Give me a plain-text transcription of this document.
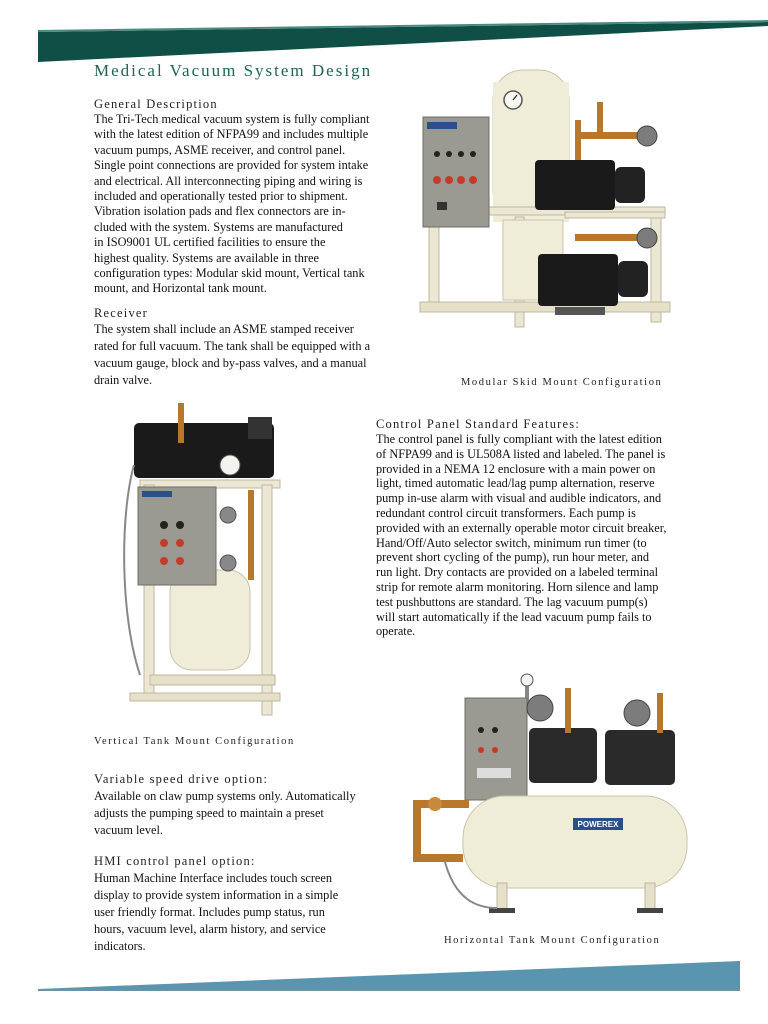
Medical Vacuum System Design
General Description
The Tri-Tech medical vacuum system is fully compliant
with the latest edition of NFPA99 and includes multiple
vacuum pumps, ASME receiver, and control panel.
Single point connections are provided for system intake
and electrical. All interconnecting piping and wiring is
included and operationally tested prior to shipment.
Vibration isolation pads and flex connectors are in-
cluded with the system. Systems are manufactured
in ISO9001 UL certified facilities to ensure the
highest quality. Systems are available in three
configuration types: Modular skid mount, Vertical tank
mount, and Horizontal tank mount.
Receiver
The system shall include an ASME stamped receiver
rated for full vacuum. The tank shall be equipped with a
vacuum gauge, block and by-pass valves, and a manual
drain valve.	Modular Skid Mount Configuration
Vertical Tank Mount Configuration
Control Panel Standard Features:
The control panel is fully compliant with the latest edition
of NFPA99 and is UL508A listed and labeled. The panel is
provided in a NEMA 12 enclosure with a main power on
light, timed automatic lead/lag pump alternation, reserve
pump in-use alarm with visual and audible indicators, and
redundant control circuit transformers. Each pump is
provided with an externally operable motor circuit breaker,
Hand/Off/Auto selector switch, minimum run timer (to
prevent short cycling of the pump), run hour meter, and
run light. Dry contacts are provided on a labeled terminal
strip for remote alarm monitoring. Horn silence and lamp
test pushbuttons are standard. The lag vacuum pump(s)
will start automatically if the lead vacuum pump fails to
operate.
Variable speed drive option:
Available on claw pump systems only. Automatically
adjusts the pumping speed to maintain a preset
vacuum level.
HMI control panel option:
Human Machine Interface includes touch screen
display to provide system information in a simple
user friendly format. Includes pump status, run
hours, vacuum level, alarm history, and service
indicators.
POWEREX
Horizontal Tank Mount Configuration
